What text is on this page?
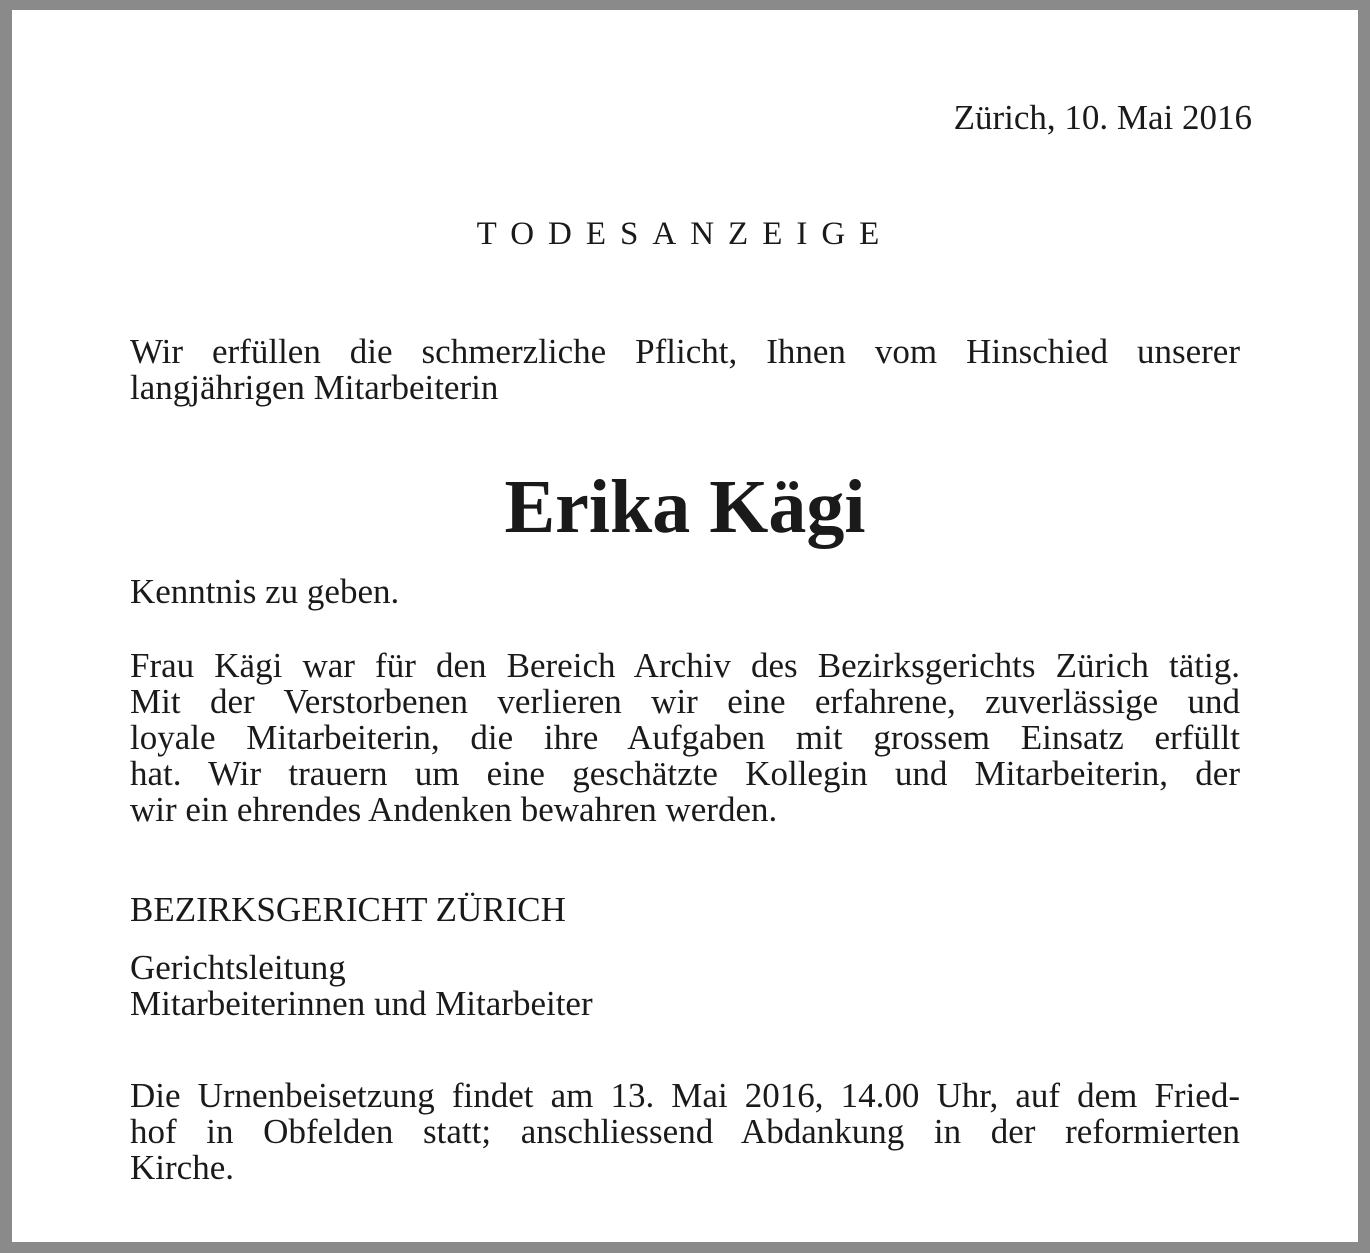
Zürich, 10. Mai 2016
TODESANZEIGE
Wir erfüllen die schmerzliche Pflicht, Ihnen vom Hinschied unserer
langjährigen Mitarbeiterin
Erika Kägi
Kenntnis zu geben.
Frau Kägi war für den Bereich Archiv des Bezirksgerichts Zürich tätig.
Mit der Verstorbenen verlieren wir eine erfahrene, zuverlässige und
loyale Mitarbeiterin, die ihre Aufgaben mit grossem Einsatz erfüllt
hat. Wir trauern um eine geschätzte Kollegin und Mitarbeiterin, der
wir ein ehrendes Andenken bewahren werden.
BEZIRKSGERICHT ZÜRICH
Gerichtsleitung
Mitarbeiterinnen und Mitarbeiter
Die Urnenbeisetzung findet am 13. Mai 2016, 14.00 Uhr, auf dem Fried-
hof in Obfelden statt; anschliessend Abdankung in der reformierten
Kirche.
